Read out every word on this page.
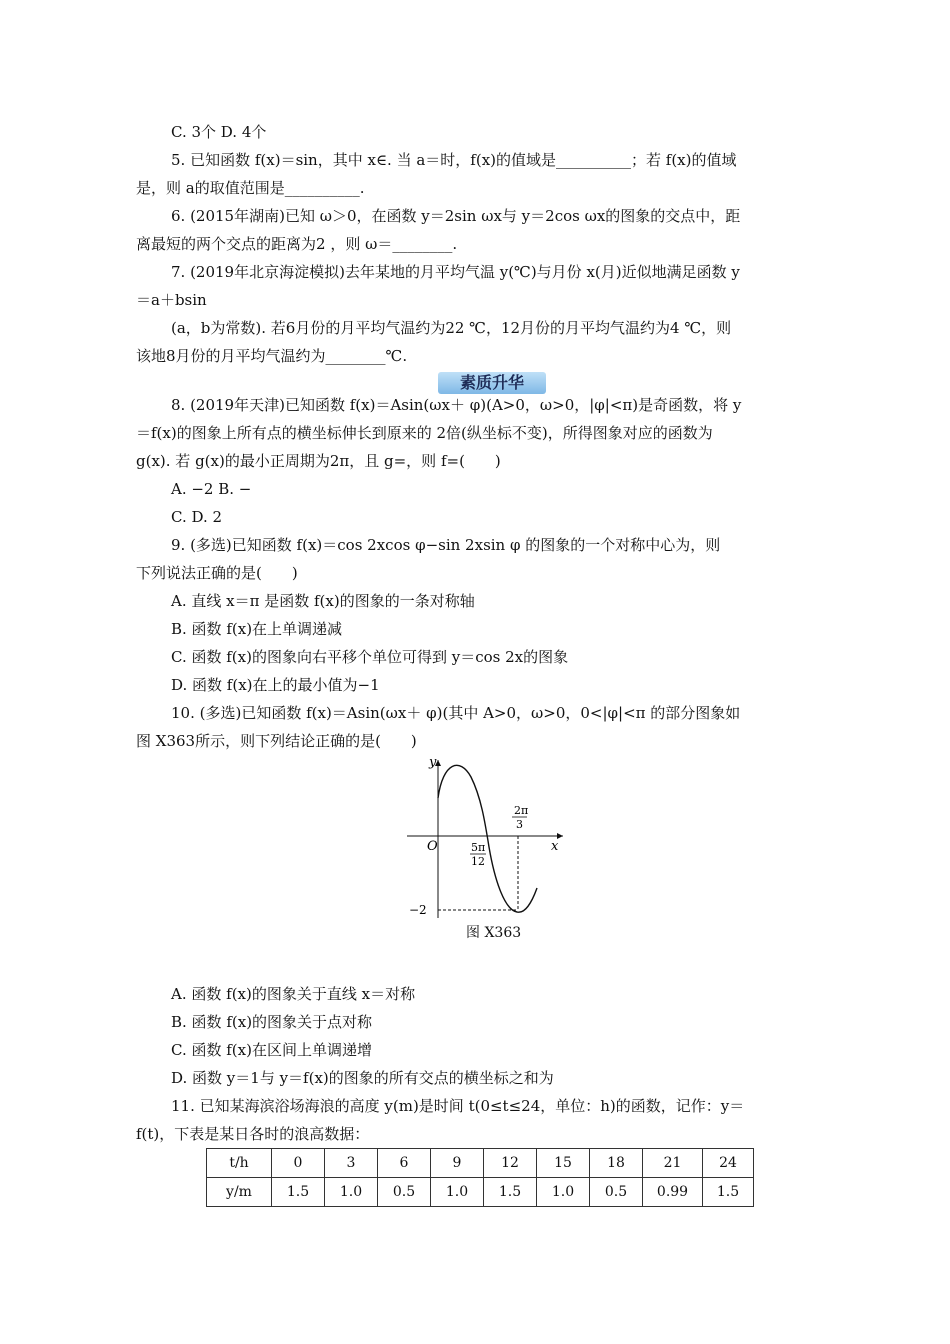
C. 3个 D. 4个
5. 已知函数 f(x)＝sin，其中 x∈. 当 a＝时，f(x)的值域是__________；若 f(x)的值域
是，则 a的取值范围是__________.
6. (2015年湖南)已知 ω＞0，在函数 y＝2sin ωx与 y＝2cos ωx的图象的交点中，距
离最短的两个交点的距离为2 ，则 ω＝________.
7. (2019年北京海淀模拟)去年某地的月平均气温 y(℃)与月份 x(月)近似地满足函数 y
＝a＋bsin
(a，b为常数). 若6月份的月平均气温约为22 ℃，12月份的月平均气温约为4 ℃，则
该地8月份的月平均气温约为________℃.
素质升华
8. (2019年天津)已知函数 f(x)＝Asin(ωx＋ φ)(A>0，ω>0，|φ|<π)是奇函数，将 y
＝f(x)的图象上所有点的横坐标伸长到原来的 2倍(纵坐标不变)，所得图象对应的函数为
g(x). 若 g(x)的最小正周期为2π，且 g=，则 f=(　　)
A. −2 B. −
C. D. 2
9. (多选)已知函数 f(x)＝cos 2xcos φ−sin 2xsin φ 的图象的一个对称中心为，则
下列说法正确的是(　　)
A. 直线 x＝π 是函数 f(x)的图象的一条对称轴
B. 函数 f(x)在上单调递减
C. 函数 f(x)的图象向右平移个单位可得到 y＝cos 2x的图象
D. 函数 f(x)在上的最小值为−1
10. (多选)已知函数 f(x)＝Asin(ωx＋ φ)(其中 A>0，ω>0，0<|φ|<π 的部分图象如
图 X363所示，则下列结论正确的是(　　)
y
x
O
−2
5π
12
2π
3
图 X363
A. 函数 f(x)的图象关于直线 x＝对称
B. 函数 f(x)的图象关于点对称
C. 函数 f(x)在区间上单调递增
D. 函数 y＝1与 y＝f(x)的图象的所有交点的横坐标之和为
11. 已知某海滨浴场海浪的高度 y(m)是时间 t(0≤t≤24，单位：h)的函数，记作：y＝
f(t)，下表是某日各时的浪高数据：
t/h	0	3	6	9	12	15	18	21	24
y/m	1.5	1.0	0.5	1.0	1.5	1.0	0.5	0.99	1.5
